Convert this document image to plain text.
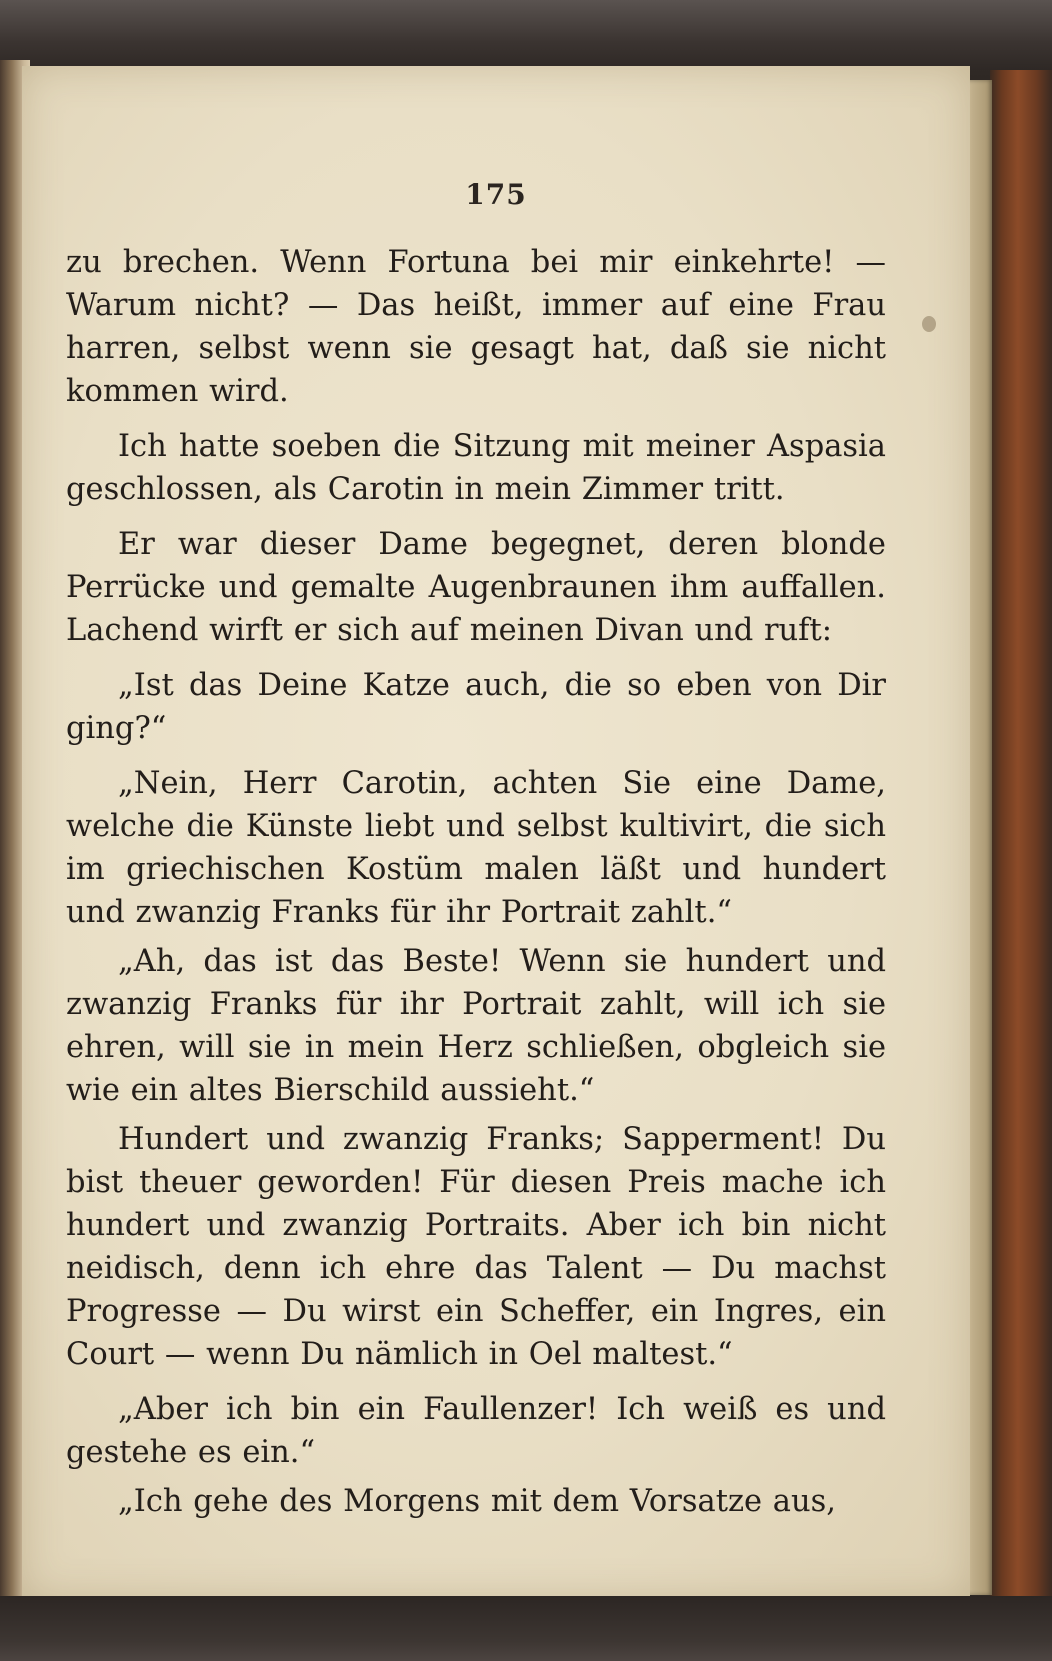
175

zu brechen. Wenn Fortuna bei mir einkehrte! — Warum nicht? — Das heißt, immer auf eine Frau harren, selbst wenn sie gesagt hat, daß sie nicht kommen wird.

Ich hatte soeben die Sitzung mit meiner Aspasia geschlossen, als Carotin in mein Zimmer tritt.

Er war dieser Dame begegnet, deren blonde Perrücke und gemalte Augenbraunen ihm auffallen. Lachend wirft er sich auf meinen Divan und ruft:

„Ist das Deine Katze auch, die so eben von Dir ging?“

„Nein, Herr Carotin, achten Sie eine Dame, welche die Künste liebt und selbst kultivirt, die sich im griechischen Kostüm malen läßt und hundert und zwanzig Franks für ihr Portrait zahlt.“

„Ah, das ist das Beste! Wenn sie hundert und zwanzig Franks für ihr Portrait zahlt, will ich sie ehren, will sie in mein Herz schließen, obgleich sie wie ein altes Bierschild aussieht.“

Hundert und zwanzig Franks; Sapperment! Du bist theuer geworden! Für diesen Preis mache ich hundert und zwanzig Portraits. Aber ich bin nicht neidisch, denn ich ehre das Talent — Du machst Progresse — Du wirst ein Scheffer, ein Ingres, ein Court — wenn Du nämlich in Oel maltest.“

„Aber ich bin ein Faullenzer! Ich weiß es und gestehe es ein.“

„Ich gehe des Morgens mit dem Vorsatze aus,
